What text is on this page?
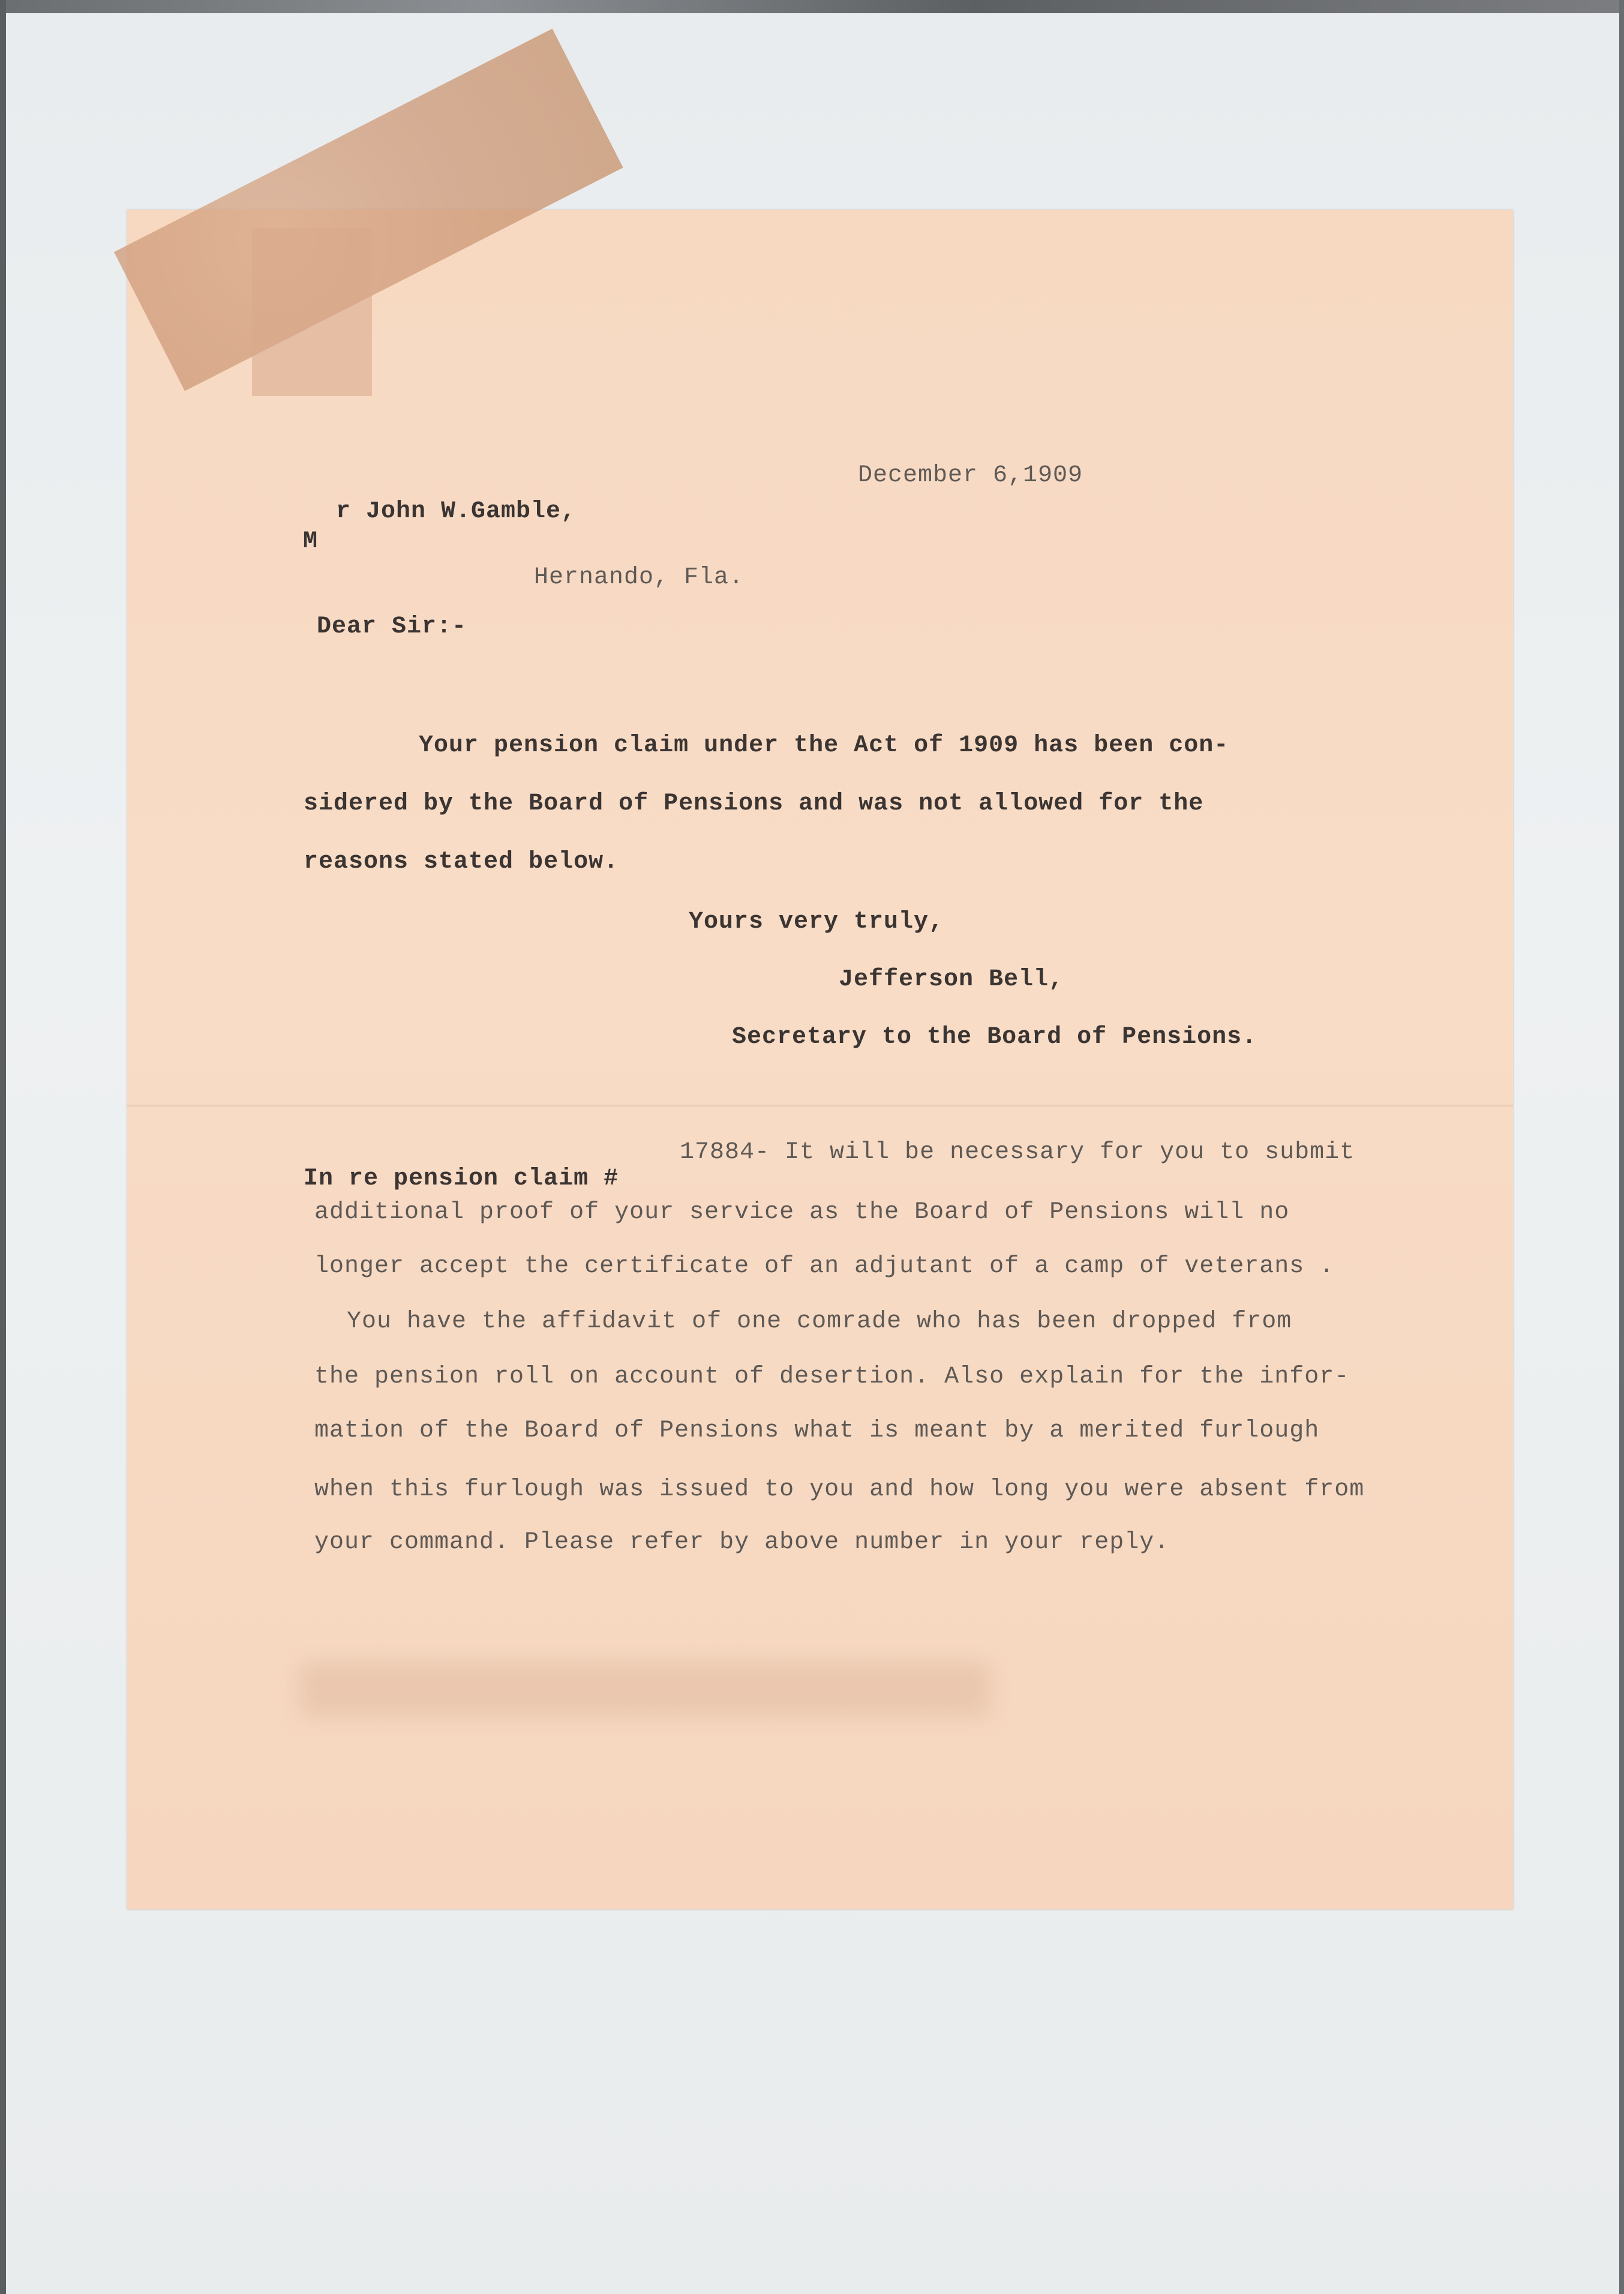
December 6,1909
r John W.Gamble,
M
Hernando, Fla.
Dear Sir:-
Your pension claim under the Act of 1909 has been con-
sidered by the Board of Pensions and was not allowed for the
reasons stated below.
Yours very truly,
Jefferson Bell,
Secretary to the Board of Pensions.
17884- It will be necessary for you to submit
In re pension claim #
additional proof of your service as the Board of Pensions will no
longer accept the certificate of an adjutant of a camp of veterans .
You have the affidavit of one comrade who has been dropped from
the pension roll on account of desertion. Also explain for the infor-
mation of the Board of Pensions what is meant by a merited furlough
when this furlough was issued to you and how long you were absent from
your command. Please refer by above number in your reply.
